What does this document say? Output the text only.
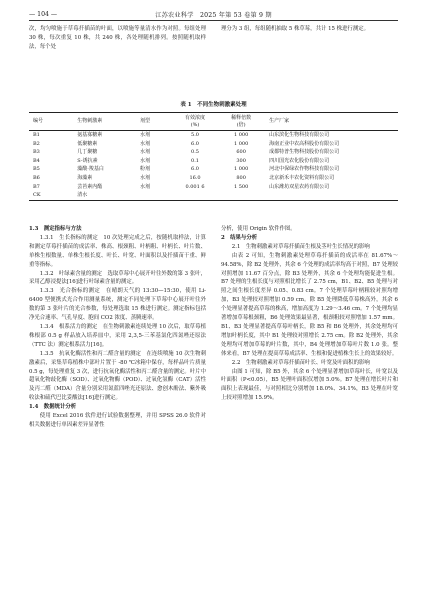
— 104 —	江苏农业科学　2025 年第 53 卷第 9 期

次，均匀喷施于草莓扦插苗的叶面，以喷施等量清水作为对照。每组处理 30 株，每次重复 10 株，共 240 株，各处理随机排列。按照随机取样法，每个处

理分为 3 组，每组随机抽取 5 株草莓，共计 15 株进行测定。

表 1　不同生物刺激素处理
编号	生物刺激素	剂型	有效浓度
(%)	稀释倍数
(倍)	生产厂家
B1	氨基寡糖素	水剂	5.0	1 000	山东滨化生物科技有限公司
B2	低聚糖素	水剂	6.0	1 000	海南正业中农高科股份有限公司
B3	几丁聚糖	水剂	0.5	600	成都特普生物科技股份有限公司
B4	S-诱抗素	水剂	0.1	300	四川国光农化股份有限公司
B5	藻酸·羧基白	粉剂	6.0	1 000	河北中保绿农作物科技有限公司
B6	海藻素	水剂	16.0	800	北京新禾丰农化资料有限公司
B7	芸苔素内酯	水剂	0.001 6	1 500	山东潍坊双星农药有限公司
CK	清水				

1.3　测定指标与方法

1.3.1　生长指标的测定　10 次处理完成之后，按随机取样法，计算和测定草莓扦插苗的成活率、株高、根颈粗、叶柄粗、叶柄长、叶片数、单株生根数量、单株生根长度、叶长、叶宽、叶面积以及扦插苗干重、鲜重等指标。

1.3.2　叶绿素含量的测定　选取草莓中心展开叶往外数的第 3 张叶，采用乙醇浸提法[16]进行叶绿素含量的测定。

1.3.3　光合指标的测定　在晴朗天气的 13:30—15:30，使用 Li-6400 型便携式光合作用测量系统，测定不同处理下草莓中心展开叶往外数的第 3 张叶片的光合参数，每处理选取 15 株进行测定。测定指标包括净光合速率、气孔导度、胞间 CO2 浓度、蒸腾速率。

1.3.4　根系活力的测定　在生物刺激素连续处理 10 次后，取草莓植株根部 0.5 g 样品放入培养皿中，采用 2,3,5-三苯基氯化四氮唑还原法（TTC 法）测定根系活力[16]。

1.3.5　抗氧化酶活性和丙二醛含量的测定　在连续喷施 10 次生物刺激素后，采集草莓植株中部叶片置于 -80 ℃冰箱中保存，每样品叶片质量 0.5 g，每处理重复 3 次，进行抗氧化酶活性和丙二醛含量的测定。叶片中超氧化物歧化酶（SOD）、过氧化物酶（POD）、过氧化氢酶（CAT）活性及丙二醛（MDA）含量分别采用氮蓝四唑光还原法、愈创木酚法、紫外吸收法和硫代巴比妥酸法[16]进行测定。

1.4　数据统计分析

使用 Excel 2016 软件进行试验数据整理，并用 SPSS 26.0 软件对相关数据进行单因素差异显著性

分析，使用 Origin 软件作图。

2　结果与分析

2.1　生物刺激素对草莓扦插苗生根及茎叶生长情况的影响

由表 2 可知，生物刺激素处理草莓扦插苗的成活率在 81.67%～94.58%，除 B2 处理外，其余 6 个处理的成活率均高于对照，B7 处理较对照增加 11.67 百分点，除 B3 处理外，其余 6 个处理均能促进生根。B7 处理的生根长度与对照相比增长了 2.75 cm，B1、B2、B5 处理与对照之间生根长度差异 0.05、0.83 cm。7 个处理草莓叶柄粗较对照均增加，B3 处理较对照增加 0.59 cm。除 B5 处理降低草莓株高外，其余 6 个处理显著提高草莓的株高，增加高度为 1.29～3.46 cm。7 个处理均显著增加草莓根颈粗，B6 处理效果最显著，根颈粗较对照增加 1.57 mm。B1、B3 处理显著提高草莓叶柄长，除 B5 和 B6 处理外，其余处理均可增加叶柄长度，其中 B1 处理较对照增长 2.75 cm。除 B2 处理外，其余处理均可增加草莓的叶片数，其中，B4 处理增加草莓叶片数 1.0 张。整体来看，B7 处理在提高草莓成活率、生根和促进植株生长上的效果较好。

2.2　生物刺激素对草莓扦插苗叶长、叶宽及叶面积的影响

由图 1 可知，除 B5 外，其余 6 个处理显著增加草莓叶长，叶宽以及叶面积（P<0.05），B5 处理叶面积仅增加 5.0%。B7 处理在增长叶片和面积上表现最佳，与对照相比分别增加 18.0%、34.1%，B3 处理在叶宽上较对照增加 15.9%。
